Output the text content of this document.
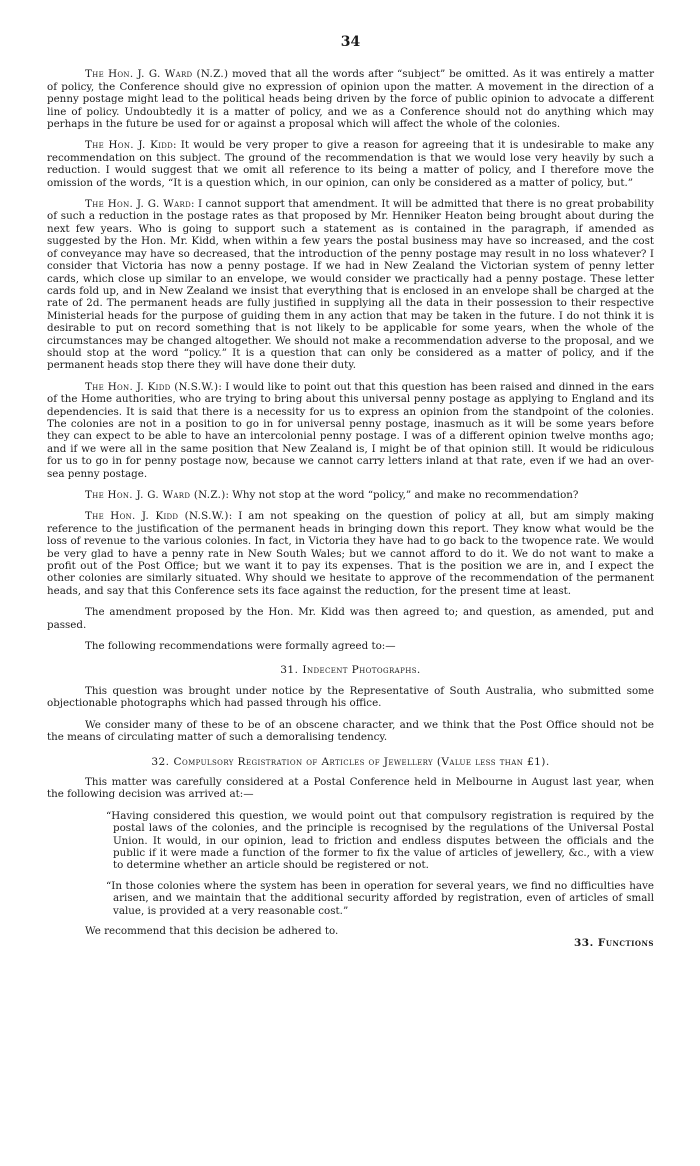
34

The Hon. J. G. Ward (N.Z.) moved that all the words after “subject” be omitted. As it was entirely a matter of policy, the Conference should give no expression of opinion upon the matter. A movement in the direction of a penny postage might lead to the political heads being driven by the force of public opinion to advocate a different line of policy. Undoubtedly it is a matter of policy, and we as a Conference should not do anything which may perhaps in the future be used for or against a proposal which will affect the whole of the colonies.

The Hon. J. Kidd: It would be very proper to give a reason for agreeing that it is undesirable to make any recommendation on this subject. The ground of the recommendation is that we would lose very heavily by such a reduction. I would suggest that we omit all reference to its being a matter of policy, and I therefore move the omission of the words, “It is a question which, in our opinion, can only be considered as a matter of policy, but.”

The Hon. J. G. Ward: I cannot support that amendment. It will be admitted that there is no great probability of such a reduction in the postage rates as that proposed by Mr. Henniker Heaton being brought about during the next few years. Who is going to support such a statement as is contained in the paragraph, if amended as suggested by the Hon. Mr. Kidd, when within a few years the postal business may have so increased, and the cost of conveyance may have so decreased, that the introduction of the penny postage may result in no loss whatever? I consider that Victoria has now a penny postage. If we had in New Zealand the Victorian system of penny letter cards, which close up similar to an envelope, we would consider we practically had a penny postage. These letter cards fold up, and in New Zealand we insist that everything that is enclosed in an envelope shall be charged at the rate of 2d. The permanent heads are fully justified in supplying all the data in their possession to their respective Ministerial heads for the purpose of guiding them in any action that may be taken in the future. I do not think it is desirable to put on record something that is not likely to be applicable for some years, when the whole of the circumstances may be changed altogether. We should not make a recommendation adverse to the proposal, and we should stop at the word “policy.” It is a question that can only be considered as a matter of policy, and if the permanent heads stop there they will have done their duty.

The Hon. J. Kidd (N.S.W.): I would like to point out that this question has been raised and dinned in the ears of the Home authorities, who are trying to bring about this universal penny postage as applying to England and its dependencies. It is said that there is a necessity for us to express an opinion from the standpoint of the colonies. The colonies are not in a position to go in for universal penny postage, inasmuch as it will be some years before they can expect to be able to have an intercolonial penny postage. I was of a different opinion twelve months ago; and if we were all in the same position that New Zealand is, I might be of that opinion still. It would be ridiculous for us to go in for penny postage now, because we cannot carry letters inland at that rate, even if we had an over-sea penny postage.

The Hon. J. G. Ward (N.Z.): Why not stop at the word “policy,” and make no recommendation?

The Hon. J. Kidd (N.S.W.): I am not speaking on the question of policy at all, but am simply making reference to the justification of the permanent heads in bringing down this report. They know what would be the loss of revenue to the various colonies. In fact, in Victoria they have had to go back to the twopence rate. We would be very glad to have a penny rate in New South Wales; but we cannot afford to do it. We do not want to make a profit out of the Post Office; but we want it to pay its expenses. That is the position we are in, and I expect the other colonies are similarly situated. Why should we hesitate to approve of the recommendation of the permanent heads, and say that this Conference sets its face against the reduction, for the present time at least.

The amendment proposed by the Hon. Mr. Kidd was then agreed to; and question, as amended, put and passed.

The following recommendations were formally agreed to:—

31. Indecent Photographs.

This question was brought under notice by the Representative of South Australia, who submitted some objectionable photographs which had passed through his office.

We consider many of these to be of an obscene character, and we think that the Post Office should not be the means of circulating matter of such a demoralising tendency.

32. Compulsory Registration of Articles of Jewellery (Value less than £1).

This matter was carefully considered at a Postal Conference held in Melbourne in August last year, when the following decision was arrived at:—

“Having considered this question, we would point out that compulsory registration is required by the postal laws of the colonies, and the principle is recognised by the regulations of the Universal Postal Union. It would, in our opinion, lead to friction and endless disputes between the officials and the public if it were made a function of the former to fix the value of articles of jewellery, &c., with a view to determine whether an article should be registered or not.
“In those colonies where the system has been in operation for several years, we find no difficulties have arisen, and we maintain that the additional security afforded by registration, even of articles of small value, is provided at a very reasonable cost.”

We recommend that this decision be adhered to.

33. Functions
